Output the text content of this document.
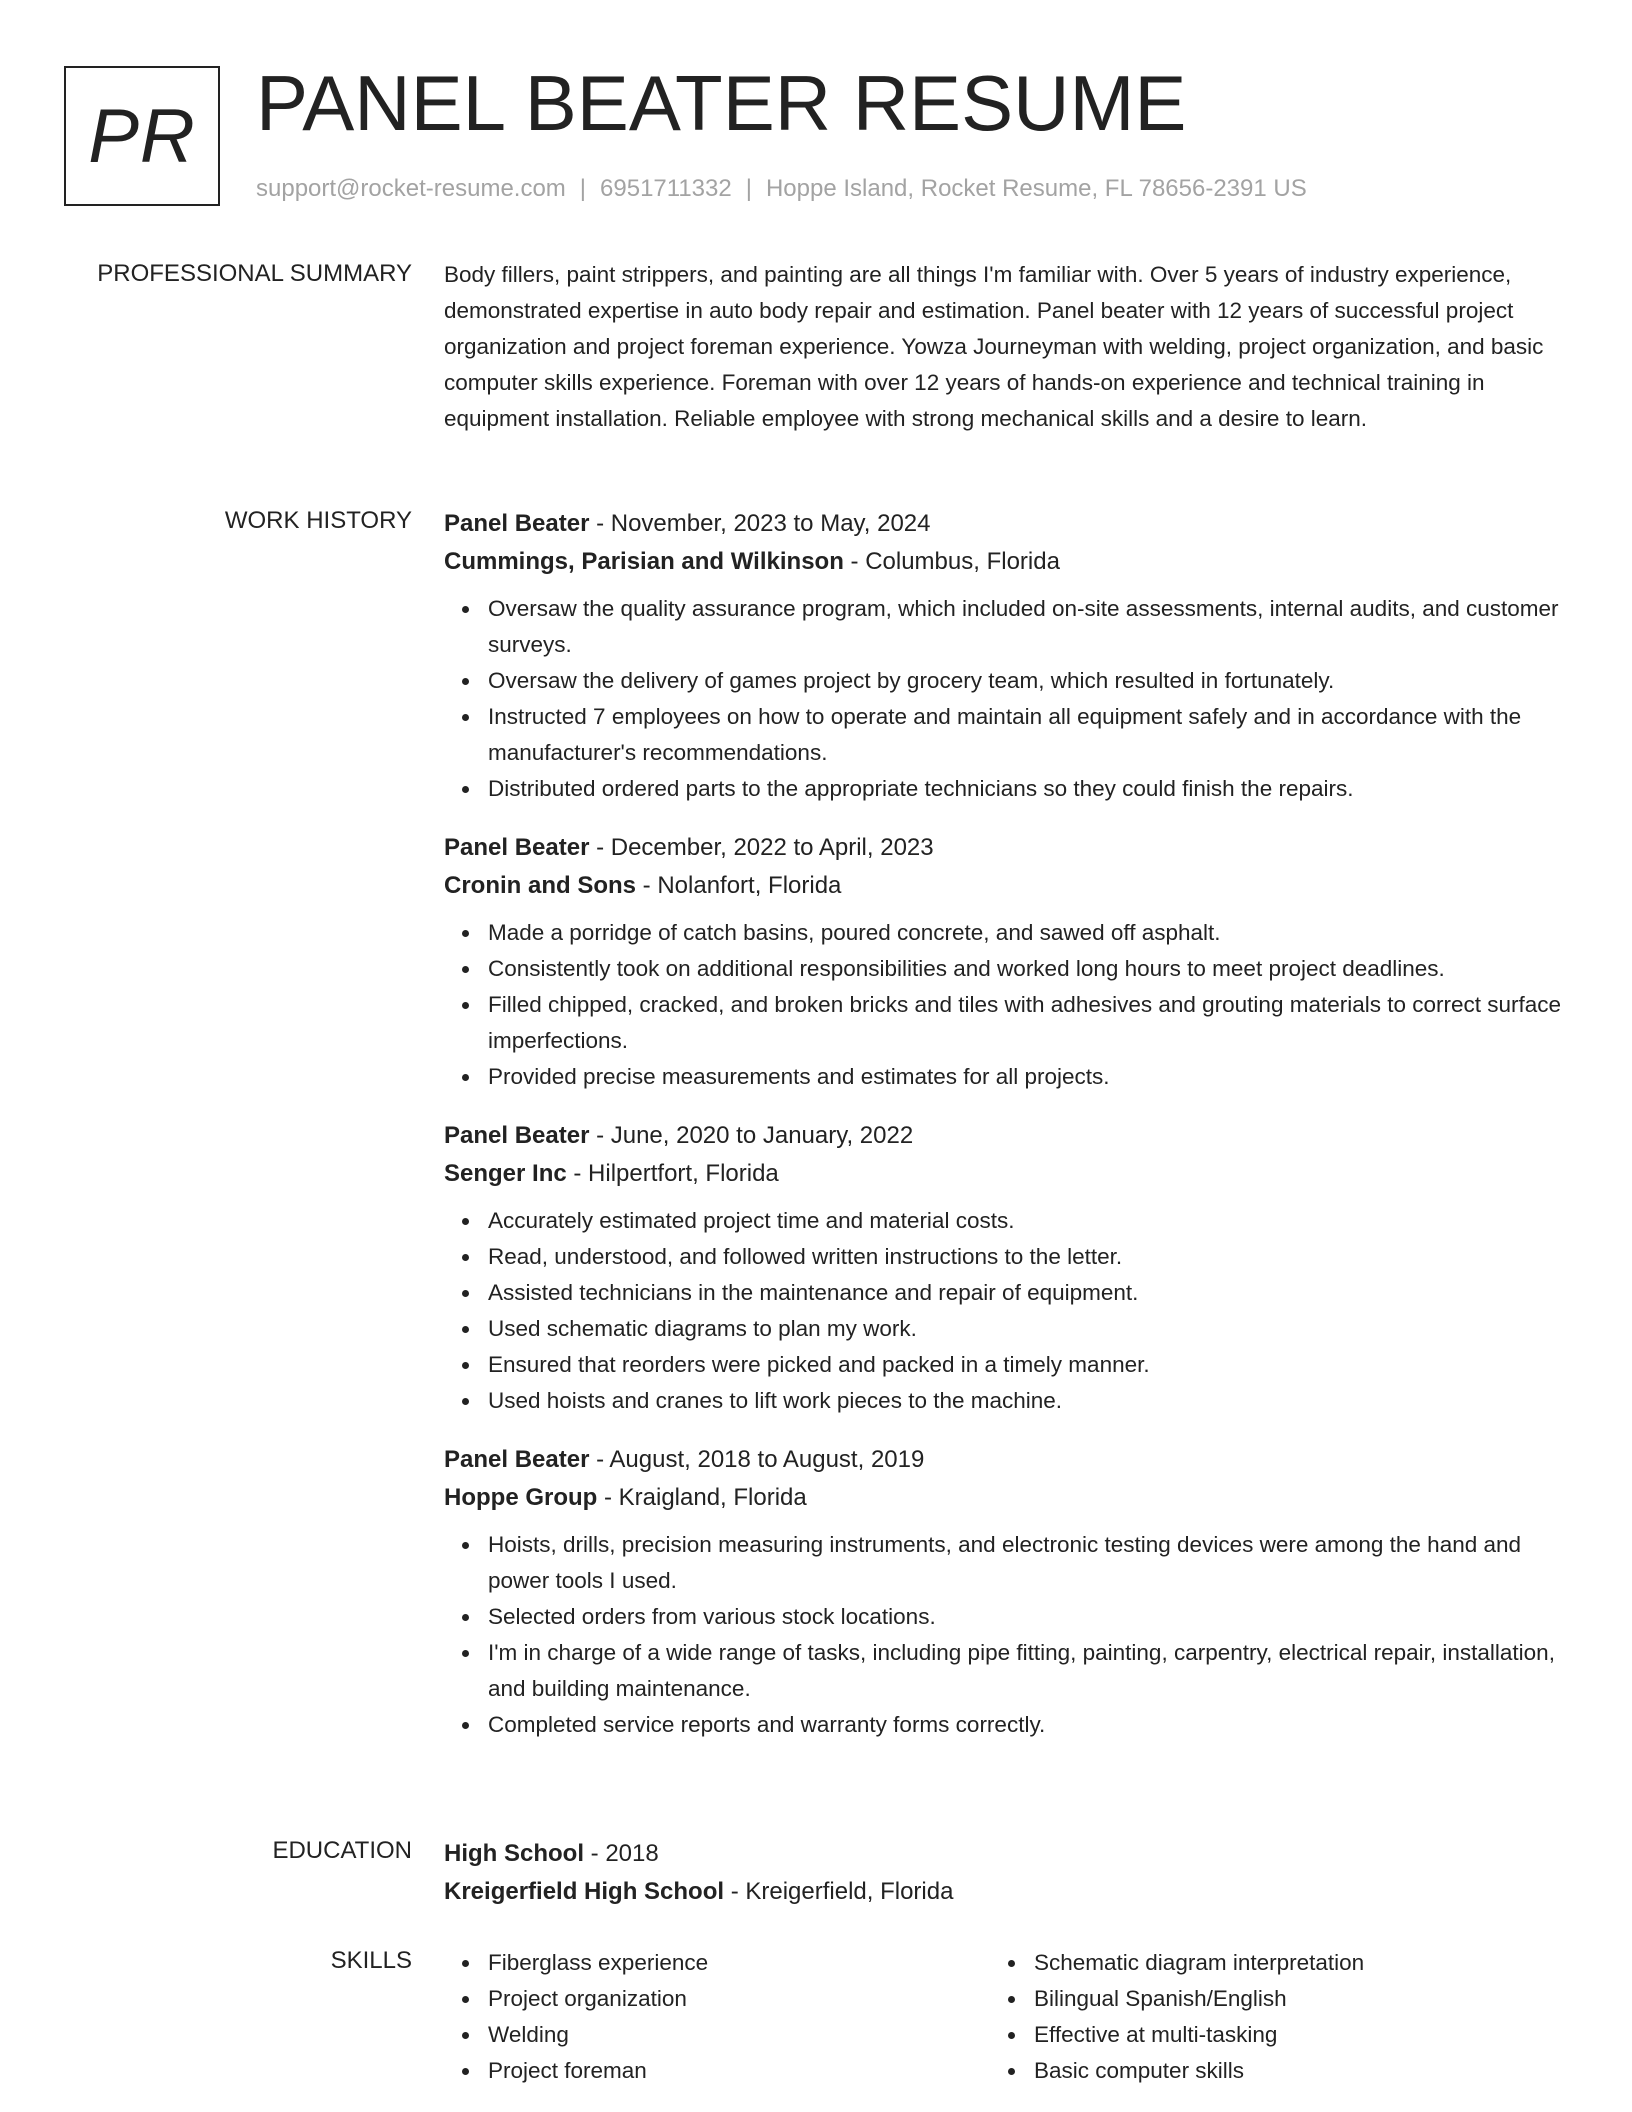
PR PANEL BEATER RESUME
support@rocket-resume.com | 6951711332 | Hoppe Island, Rocket Resume, FL 78656-2391 US
PROFESSIONAL SUMMARY Body fillers, paint strippers, and painting are all things I'm familiar with. Over 5 years of industry experience, demonstrated expertise in auto body repair and estimation. Panel beater with 12 years of successful project organization and project foreman experience. Yowza Journeyman with welding, project organization, and basic computer skills experience. Foreman with over 12 years of hands-on experience and technical training in equipment installation. Reliable employee with strong mechanical skills and a desire to learn.

WORK HISTORY Panel Beater - November, 2023 to May, 2024
Cummings, Parisian and Wilkinson - Columbus, Florida
Oversaw the quality assurance program, which included on-site assessments, internal audits, and customer surveys.
Oversaw the delivery of games project by grocery team, which resulted in fortunately.
Instructed 7 employees on how to operate and maintain all equipment safely and in accordance with the manufacturer's recommendations.
Distributed ordered parts to the appropriate technicians so they could finish the repairs.
Panel Beater - December, 2022 to April, 2023
Cronin and Sons - Nolanfort, Florida
Made a porridge of catch basins, poured concrete, and sawed off asphalt.
Consistently took on additional responsibilities and worked long hours to meet project deadlines.
Filled chipped, cracked, and broken bricks and tiles with adhesives and grouting materials to correct surface imperfections.
Provided precise measurements and estimates for all projects.
Panel Beater - June, 2020 to January, 2022
Senger Inc - Hilpertfort, Florida
Accurately estimated project time and material costs.
Read, understood, and followed written instructions to the letter.
Assisted technicians in the maintenance and repair of equipment.
Used schematic diagrams to plan my work.
Ensured that reorders were picked and packed in a timely manner.
Used hoists and cranes to lift work pieces to the machine.
Panel Beater - August, 2018 to August, 2019
Hoppe Group - Kraigland, Florida
Hoists, drills, precision measuring instruments, and electronic testing devices were among the hand and power tools I used.
Selected orders from various stock locations.
I'm in charge of a wide range of tasks, including pipe fitting, painting, carpentry, electrical repair, installation, and building maintenance.
Completed service reports and warranty forms correctly.
EDUCATION High School - 2018
Kreigerfield High School - Kreigerfield, Florida
SKILLS	Fiberglass experience
Project organization
Welding
Project foreman
Schematic diagram interpretation
Bilingual Spanish/English
Effective at multi-tasking
Basic computer skills
